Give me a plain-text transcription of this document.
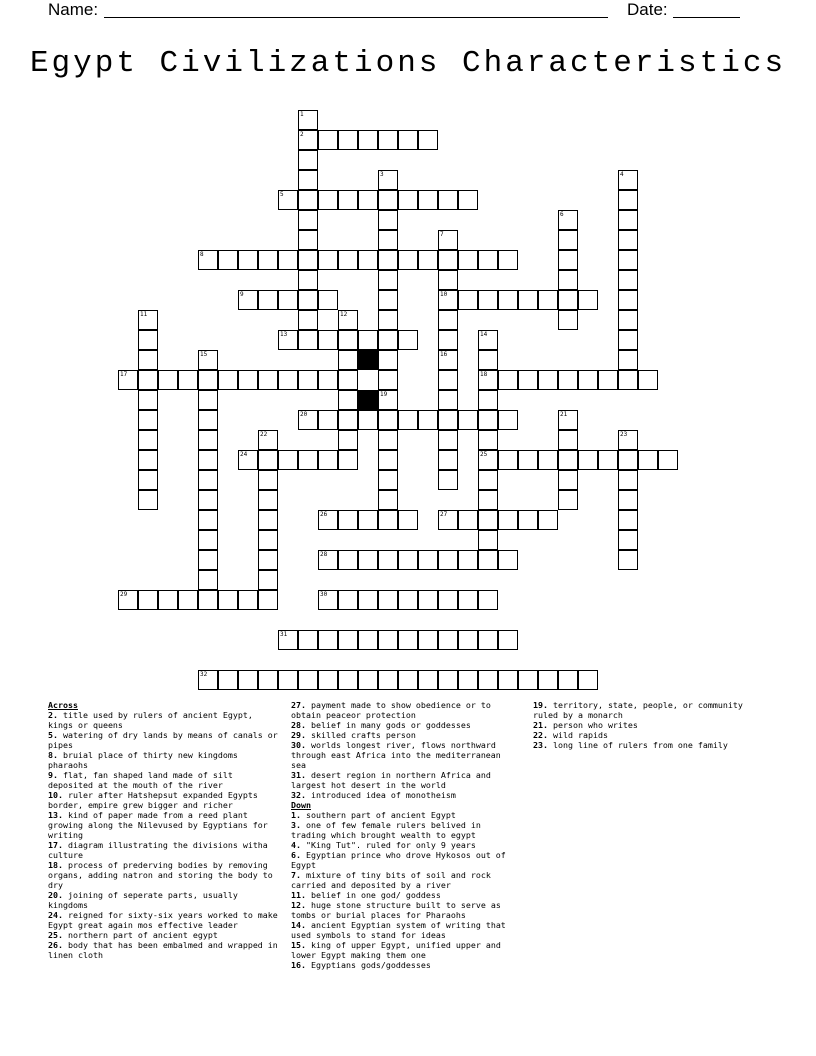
Name:	Date:
Egypt Civilizations Characteristics
1
2
3	4
5
6
7
8
9	10
11	12
13	14
15	16
17	18
19
20	21
22	23
24	25
26	27
28
29	30
31
32
Across
2. title used by rulers of ancient Egypt, kings or queens
5. watering of dry lands by means of canals or pipes
8. bruial place of thirty new kingdoms pharaohs
9. flat, fan shaped land made of silt deposited at the mouth of the river
10. ruler after Hatshepsut expanded Egypts border, empire grew bigger and richer
13. kind of paper made from a reed plant growing along the Nilevused by Egyptians for writing
17. diagram illustrating the divisions witha culture
18. process of prederving bodies by removing organs, adding natron and storing the body to dry
20. joining of seperate parts, usually kingdoms
24. reigned for sixty-six years worked to make Egypt great again mos effective leader
25. northern part of ancient egypt
26. body that has been embalmed and wrapped in linen cloth
27. payment made to show obedience or to obtain peaceor protection
28. belief in many gods or goddesses
29. skilled crafts person
30. worlds longest river, flows northward through east Africa into the mediterranean sea
31. desert region in northern Africa and largest hot desert in the world
32. introduced idea of monotheism
Down
1. southern part of ancient Egypt
3. one of few female rulers belived in trading which brought wealth to egypt
4. "King Tut". ruled for only 9 years
6. Egyptian prince who drove Hykosos out of Egypt
7. mixture of tiny bits of soil and rock carried and deposited by a river
11. belief in one god/ goddess
12. huge stone structure built to serve as tombs or burial places for Pharaohs
14. ancient Egyptian system of writing that used symbols to stand for ideas
15. king of upper Egypt, unified upper and lower Egypt making them one
16. Egyptians gods/goddesses
19. territory, state, people, or community ruled by a monarch
21. person who writes
22. wild rapids
23. long line of rulers from one family
